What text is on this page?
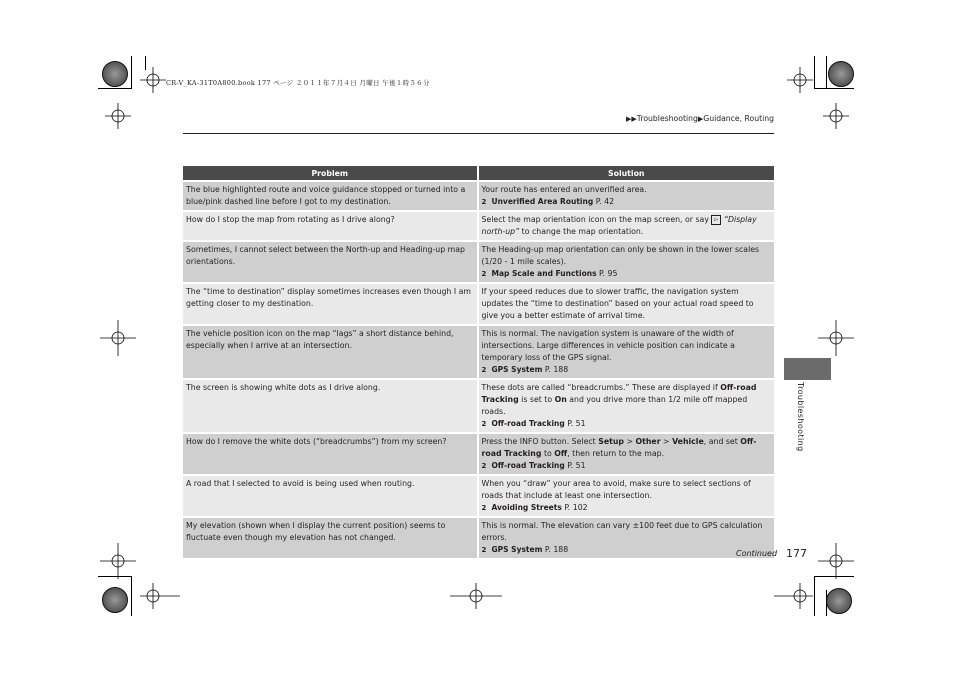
CR-V_KA-31T0A800.book 177 ページ ２０１１年７月４日 月曜日 午後１時５６分
▶▶Troubleshooting▶Guidance, Routing
Problem	Solution
The blue highlighted route and voice guidance stopped or turned into a blue/pink dashed line before I got to my destination.	Your route has entered an unverified area.
2 Unverified Area Routing P. 42

How do I stop the map from rotating as I drive along?	Select the map orientation icon on the map screen, or say ▻ “Display north-up” to change the map orientation.
Sometimes, I cannot select between the North-up and Heading-up map orientations.	The Heading-up map orientation can only be shown in the lower scales (1/20 - 1 mile scales).
2 Map Scale and Functions P. 95

The “time to destination” display sometimes increases even though I am getting closer to my destination.	If your speed reduces due to slower traffic, the navigation system updates the “time to destination” based on your actual road speed to give you a better estimate of arrival time.

The vehicle position icon on the map “lags” a short distance behind, especially when I arrive at an intersection.	This is normal. The navigation system is unaware of the width of intersections. Large differences in vehicle position can indicate a temporary loss of the GPS signal.
2 GPS System P. 188

The screen is showing white dots as I drive along.	These dots are called “breadcrumbs.” These are displayed if Off-road Tracking is set to On and you drive more than 1/2 mile off mapped roads.
2 Off-road Tracking P. 51

How do I remove the white dots (“breadcrumbs”) from my screen?	Press the INFO button. Select Setup > Other > Vehicle, and set Off-road Tracking to Off, then return to the map.
2 Off-road Tracking P. 51

A road that I selected to avoid is being used when routing.	When you “draw” your area to avoid, make sure to select sections of roads that include at least one intersection.
2 Avoiding Streets P. 102

My elevation (shown when I display the current position) seems to fluctuate even though my elevation has not changed.	This is normal. The elevation can vary ±100 feet due to GPS calculation errors.
2 GPS System P. 188
Troubleshooting
Continued 177
